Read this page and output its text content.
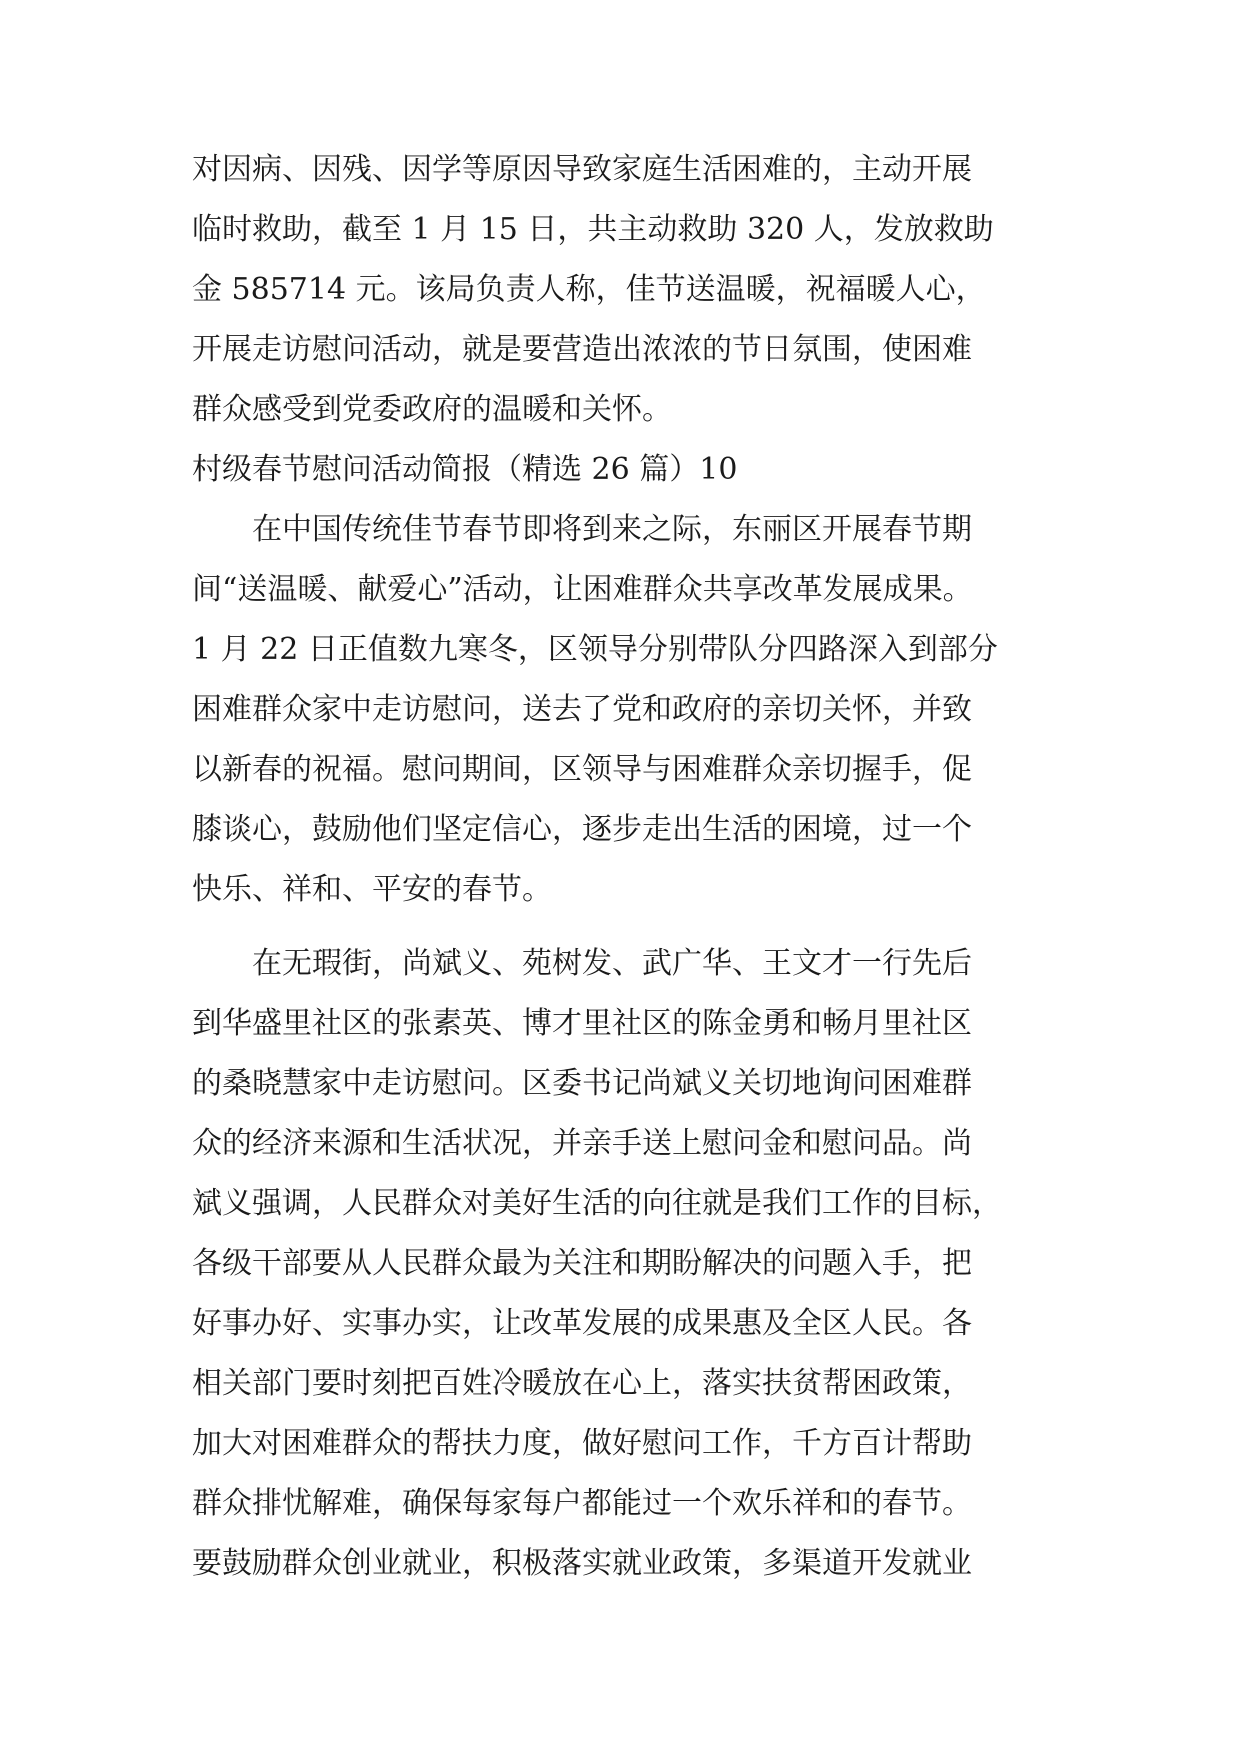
对因病、因残、因学等原因导致家庭生活困难的，主动开展
临时救助，截至 1 月 15 日，共主动救助 320 人，发放救助
金 585714 元。该局负责人称，佳节送温暖，祝福暖人心，
开展走访慰问活动，就是要营造出浓浓的节日氛围，使困难
群众感受到党委政府的温暖和关怀。
村级春节慰问活动简报（精选 26 篇）10
在中国传统佳节春节即将到来之际，东丽区开展春节期
间“送温暖、献爱心”活动，让困难群众共享改革发展成果。
1 月 22 日正值数九寒冬，区领导分别带队分四路深入到部分
困难群众家中走访慰问，送去了党和政府的亲切关怀，并致
以新春的祝福。慰问期间，区领导与困难群众亲切握手，促
膝谈心，鼓励他们坚定信心，逐步走出生活的困境，过一个
快乐、祥和、平安的春节。
在无瑕街，尚斌义、苑树发、武广华、王文才一行先后
到华盛里社区的张素英、博才里社区的陈金勇和畅月里社区
的桑晓慧家中走访慰问。区委书记尚斌义关切地询问困难群
众的经济来源和生活状况，并亲手送上慰问金和慰问品。尚
斌义强调，人民群众对美好生活的向往就是我们工作的目标，
各级干部要从人民群众最为关注和期盼解决的问题入手，把
好事办好、实事办实，让改革发展的成果惠及全区人民。各
相关部门要时刻把百姓冷暖放在心上，落实扶贫帮困政策，
加大对困难群众的帮扶力度，做好慰问工作，千方百计帮助
群众排忧解难，确保每家每户都能过一个欢乐祥和的春节。
要鼓励群众创业就业，积极落实就业政策，多渠道开发就业
